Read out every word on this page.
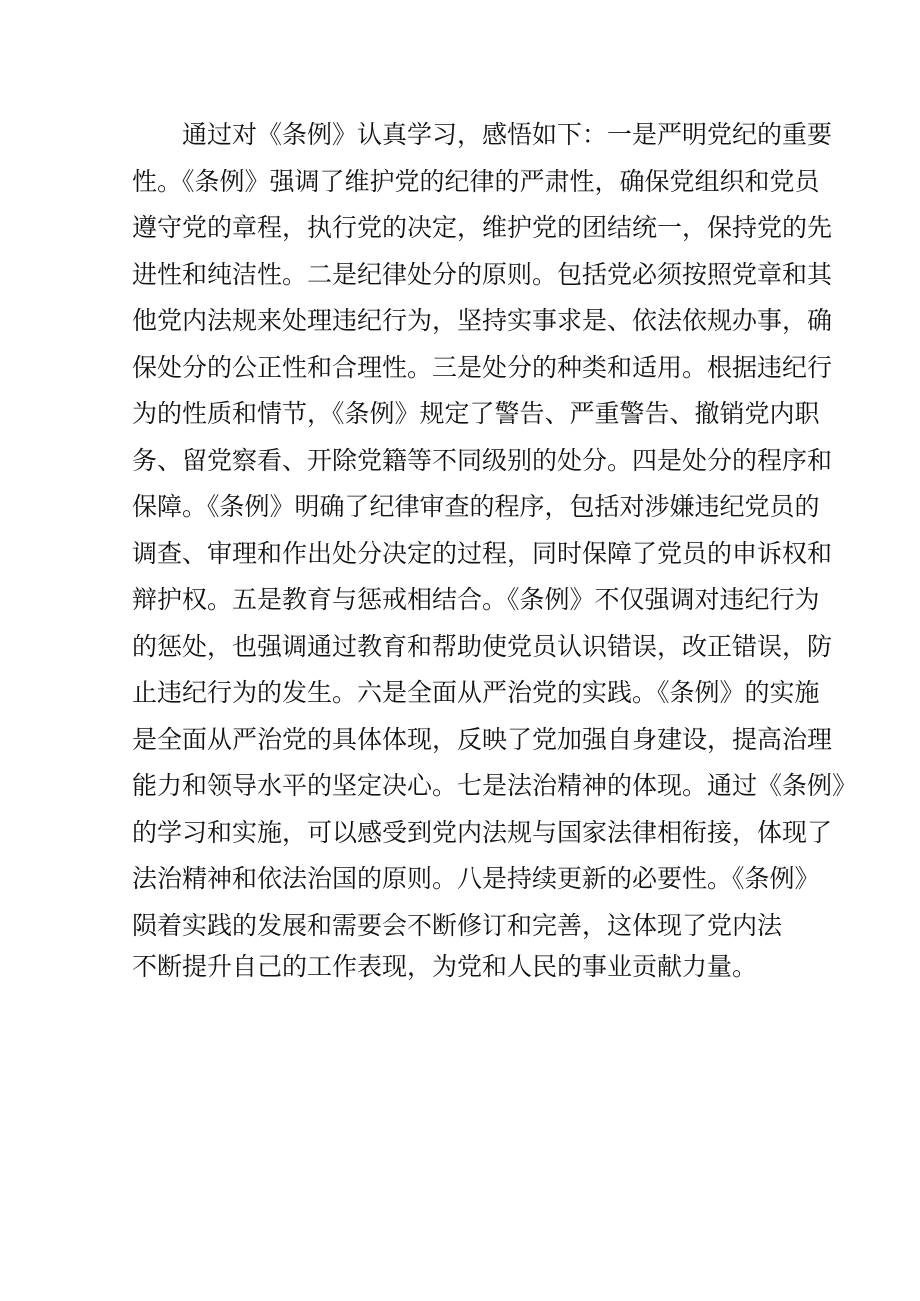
通过对《条例》认真学习，感悟如下：一是严明党纪的重要
性。《条例》强调了维护党的纪律的严肃性，确保党组织和党员
遵守党的章程，执行党的决定，维护党的团结统一，保持党的先
进性和纯洁性。二是纪律处分的原则。包括党必须按照党章和其
他党内法规来处理违纪行为，坚持实事求是、依法依规办事，确
保处分的公正性和合理性。三是处分的种类和适用。根据违纪行
为的性质和情节，《条例》规定了警告、严重警告、撤销党内职
务、留党察看、开除党籍等不同级别的处分。四是处分的程序和
保障。《条例》明确了纪律审查的程序，包括对涉嫌违纪党员的
调查、审理和作出处分决定的过程，同时保障了党员的申诉权和
辩护权。五是教育与惩戒相结合。《条例》不仅强调对违纪行为
的惩处，也强调通过教育和帮助使党员认识错误，改正错误，防
止违纪行为的发生。六是全面从严治党的实践。《条例》的实施
是全面从严治党的具体体现，反映了党加强自身建设，提高治理
能力和领导水平的坚定决心。七是法治精神的体现。通过《条例》
的学习和实施，可以感受到党内法规与国家法律相衔接，体现了
法治精神和依法治国的原则。八是持续更新的必要性。《条例》
陨着实践的发展和需要会不断修订和完善，这体现了党内法
不断提升自己的工作表现，为党和人民的事业贡献力量。
